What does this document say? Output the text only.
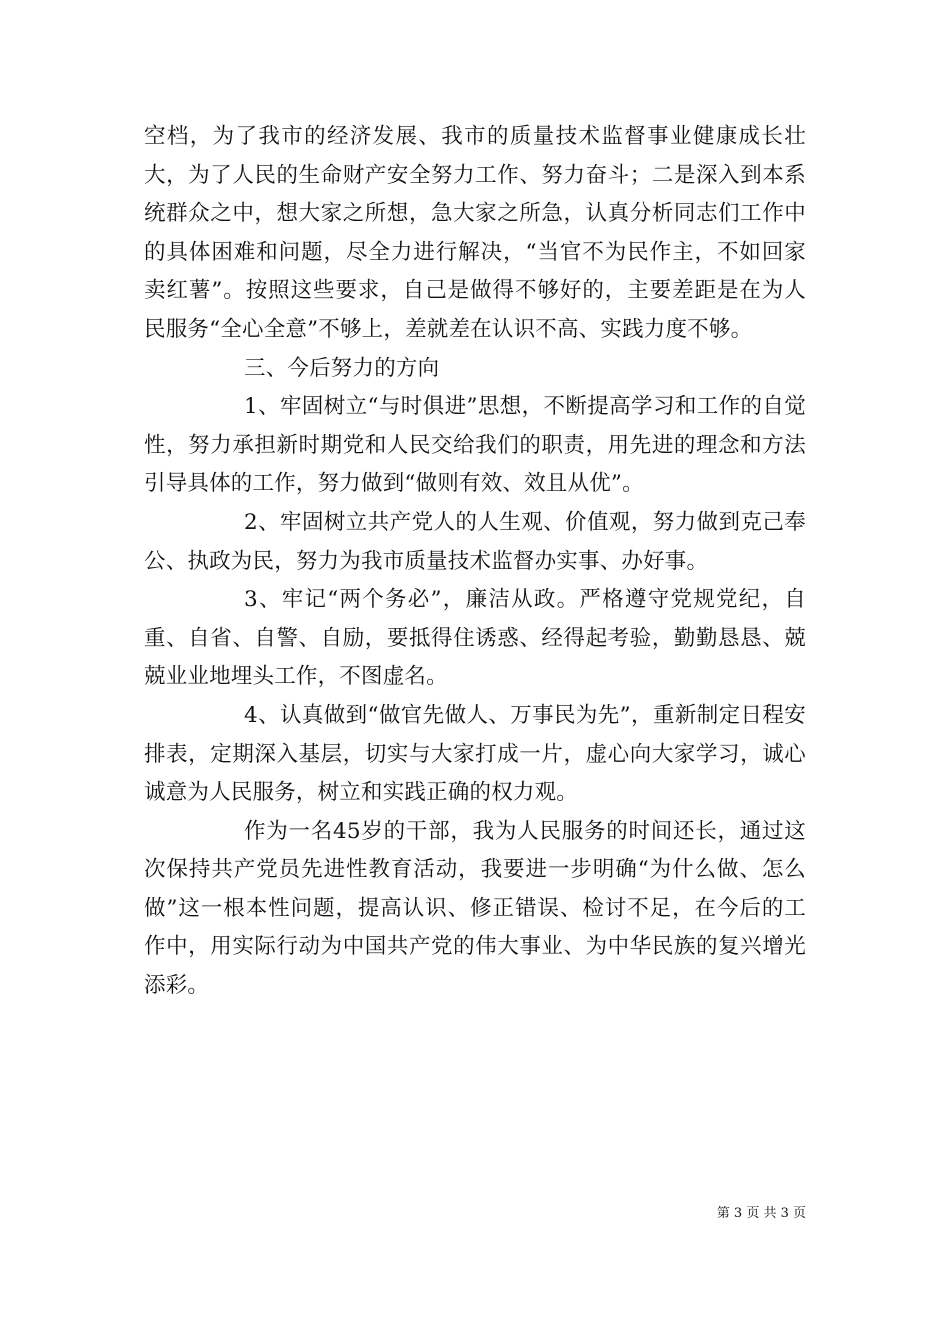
空档，为了我市的经济发展、我市的质量技术监督事业健康成长壮大，为了人民的生命财产安全努力工作、努力奋斗；二是深入到本系统群众之中，想大家之所想，急大家之所急，认真分析同志们工作中的具体困难和问题，尽全力进行解决，“当官不为民作主，不如回家卖红薯”。按照这些要求，自己是做得不够好的，主要差距是在为人民服务“全心全意”不够上，差就差在认识不高、实践力度不够。

三、今后努力的方向

1、牢固树立“与时俱进”思想，不断提高学习和工作的自觉性，努力承担新时期党和人民交给我们的职责，用先进的理念和方法引导具体的工作，努力做到“做则有效、效且从优”。

2、牢固树立共产党人的人生观、价值观，努力做到克己奉公、执政为民，努力为我市质量技术监督办实事、办好事。

3、牢记“两个务必”，廉洁从政。严格遵守党规党纪，自重、自省、自警、自励，要抵得住诱惑、经得起考验，勤勤恳恳、兢兢业业地埋头工作，不图虚名。

4、认真做到“做官先做人、万事民为先”，重新制定日程安排表，定期深入基层，切实与大家打成一片，虚心向大家学习，诚心诚意为人民服务，树立和实践正确的权力观。

作为一名45岁的干部，我为人民服务的时间还长，通过这次保持共产党员先进性教育活动，我要进一步明确“为什么做、怎么做”这一根本性问题，提高认识、修正错误、检讨不足，在今后的工作中，用实际行动为中国共产党的伟大事业、为中华民族的复兴增光添彩。

第 3 页 共 3 页
